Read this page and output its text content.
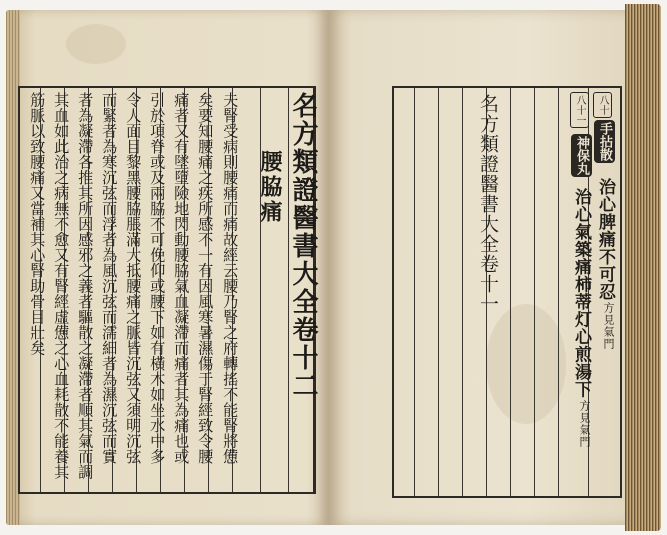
名方類證醫書大全卷十二
腰脇痛
夫腎受病則腰痛而痛故經云腰乃腎之府轉搖不能腎將憊
矣要知腰痛之疾所感不一有因風寒暑濕傷于腎經致令腰
痛者又有墜墮險地閃動腰脇氣血凝滯而痛者其為痛也或
引於項脊或及兩脇不可俛仰或腰下如有橫木如坐水中多
令人面目黎黑腰脇脹滿大抵腰痛之脈皆沉弦又須明沉弦
而緊者為寒沉弦而浮者為風沉弦而濡細者為濕沉弦而實
者為凝滯各推其所因感邪之義者驅散之凝滯者順其氣而調
其血如此治之病無不愈又有腎經虛憊之心血耗散不能養其
筋脈以致腰痛又當補其心腎助骨目壯矣	名方類證醫書大全卷十一	八十
手拈散
治心脾痛不可忍
方見氣門
八十一
神保丸
治心氣築痛柿蒂灯心煎湯下
方見氣門
